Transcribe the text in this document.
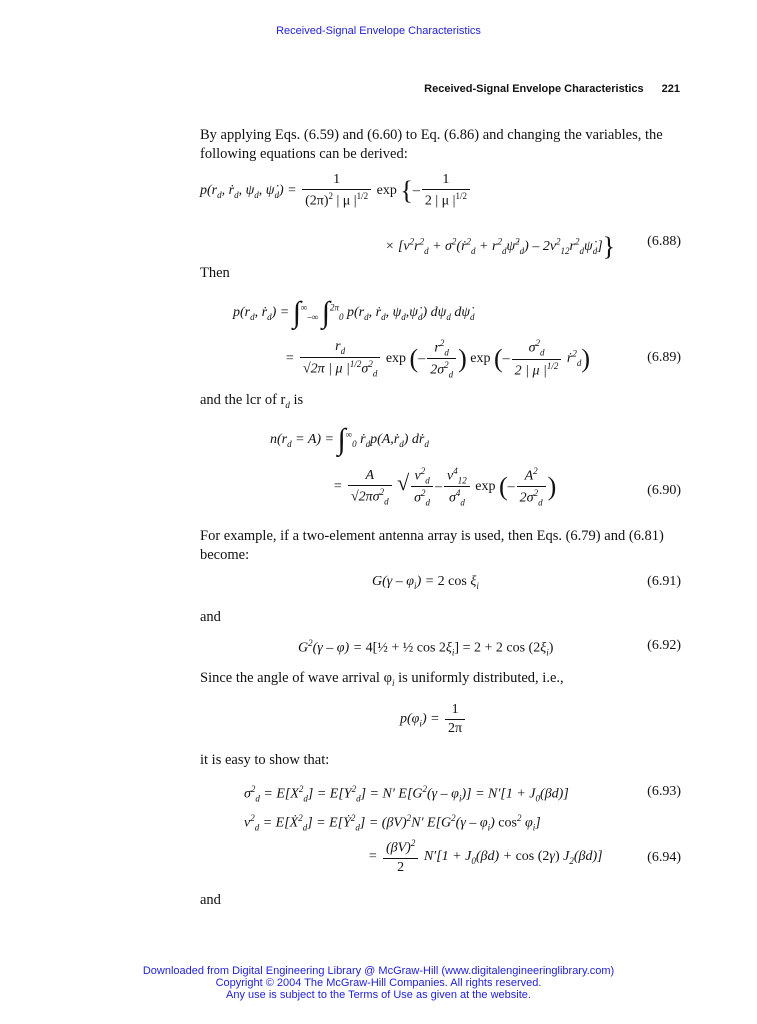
Received-Signal Envelope Characteristics
Received-Signal Envelope Characteristics 221
By applying Eqs. (6.59) and (6.60) to Eq. (6.86) and changing the variables, the following equations can be derived:
$p(r_d$, ṙ$_d$, $\psi_d$, $\psi̇_d) = \frac{1}{(2\pi)^2 | \mu |^{1/2}}$ exp {– $\frac{1}{2 | \mu |^{1/2}}$
× [$\nu^2r^2_d$ + $\sigma^2(ṙ^2_d$ + $r^2_d\psi̇^2_d$) – $2\nu^2_{12}r^2_d\psi̇_d$]}	(6.88)
Then
$p(r_d$, ṙ$_d$) = $\int^\infty_{-\infty}$ ∫$^{2\pi}_0$ $p(r_d$, ṙ$_d$, $\psi_d,\psi̇_d$) $d\psi_d$ $d\psi̇_d$
= $\frac{r_d}{√2\pi | \mu |^{1/2}\sigma^2_d}$ exp (– $\frac{r^2_d}{2\sigma^2_d}$ ) exp (– $\frac{\sigma^2_d}{2 | \mu |^{1/2}}$ ṙ$^2_d$)	(6.89)
and the lcr of $r_d$ is
$n(r_d = A) = \int^\infty_0$ ṙ$_d$p(A,ṙ$_d$) dṙ$_d$
= $\frac{A}{√2\pi\sigma^2_d}$ √ $\frac{\nu^2_d}{\sigma^2_d} - \frac{\nu^4_{12}}{\sigma^4_d}$ exp (– $\frac{A^2}{2\sigma^2_d}$ )	(6.90)
For example, if a two-element antenna array is used, then Eqs. (6.79) and (6.81) become:
$G(\gamma - \varphi_i) = 2$ $\cos \xi_i$	(6.91)
and
$G^2(\gamma - \varphi)$ = 4[½ + ½ $\cos 2\xi_i] = 2 + 2$ $\cos (2\xi_i)$	(6.92)
Since the angle of wave arrival $\varphi_i$ is uniformly distributed, i.e.,
$p(\varphi_i) = \frac{1}{2\pi}$
it is easy to show that:
$\sigma^2_d = E[X^2_d] = E[Y^2_d] = N'$ $E[G^2(\gamma - \varphi_i)] = N'[1 + J_0(\beta d)]$	(6.93)
$\nu^2_d$ = E[Ẋ$^2_d$] = E[Ẏ$^2_d$] = $(\beta V)^2N'$ $E[G^2(\gamma - \varphi_i)$ $\cos^2 \varphi_i$]
= $\frac{(\beta V)^2}{2} N'[1 + J_0(\beta d) + \cos (2\gamma)$ $J_2(\beta d)$]	(6.94)
and
Downloaded from Digital Engineering Library @ McGraw-Hill (www.digitalengineeringlibrary.com)
Copyright © 2004 The McGraw-Hill Companies. All rights reserved.
Any use is subject to the Terms of Use as given at the website.
